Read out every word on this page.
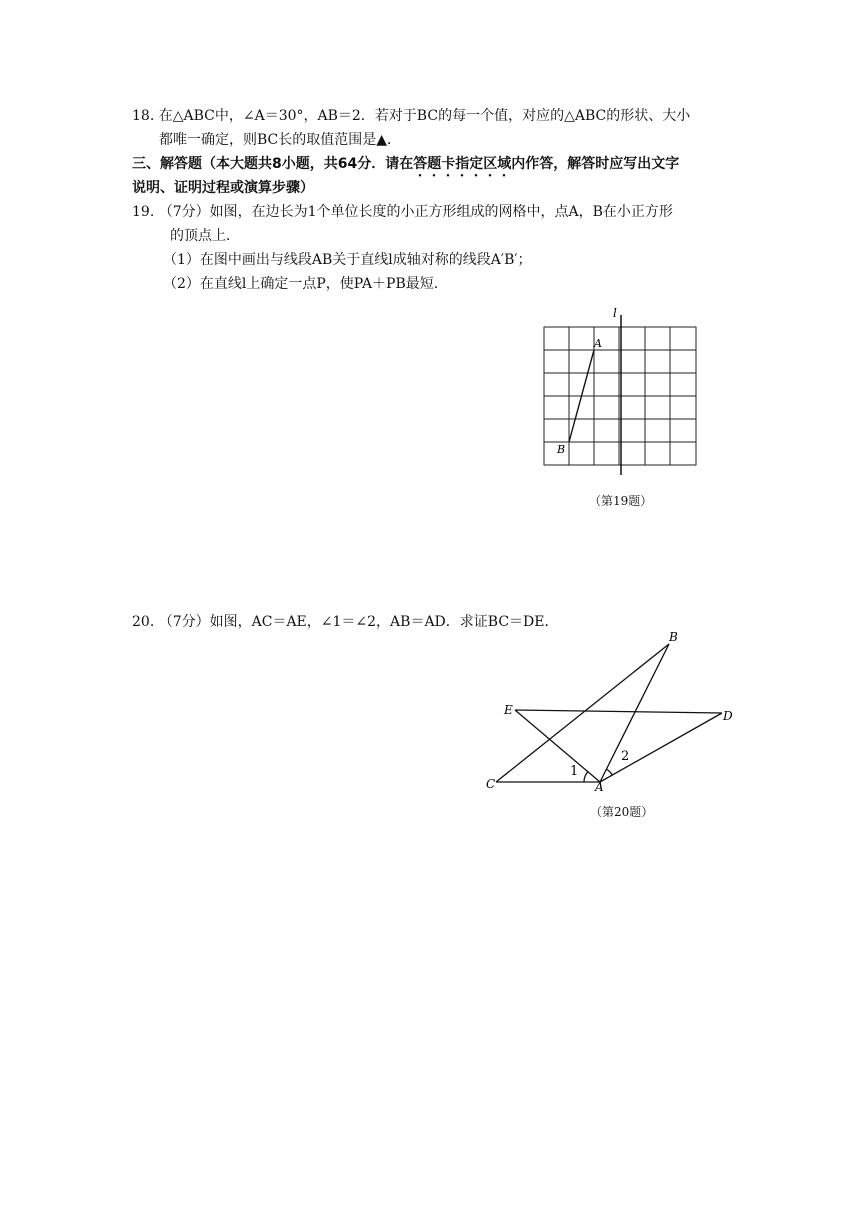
18. 在△ABC中，∠A＝30°，AB＝2．若对于BC的每一个值，对应的△ABC的形状、大小
都唯一确定，则BC长的取值范围是▲．
三、解答题（本大题共8小题，共64分．请在答题卡指定区域内作答，解答时应写出文字
说明、证明过程或演算步骤）
19. （7分）如图，在边长为1个单位长度的小正方形组成的网格中，点A，B在小正方形
的顶点上．
（1）在图中画出与线段AB关于直线l成轴对称的线段A′B′；
（2）在直线l上确定一点P，使PA＋PB最短．
l
A
B
（第19题）
20. （7分）如图，AC＝AE，∠1＝∠2，AB＝AD．求证BC＝DE．
B
E	D
C	A
1
2
（第20题）
